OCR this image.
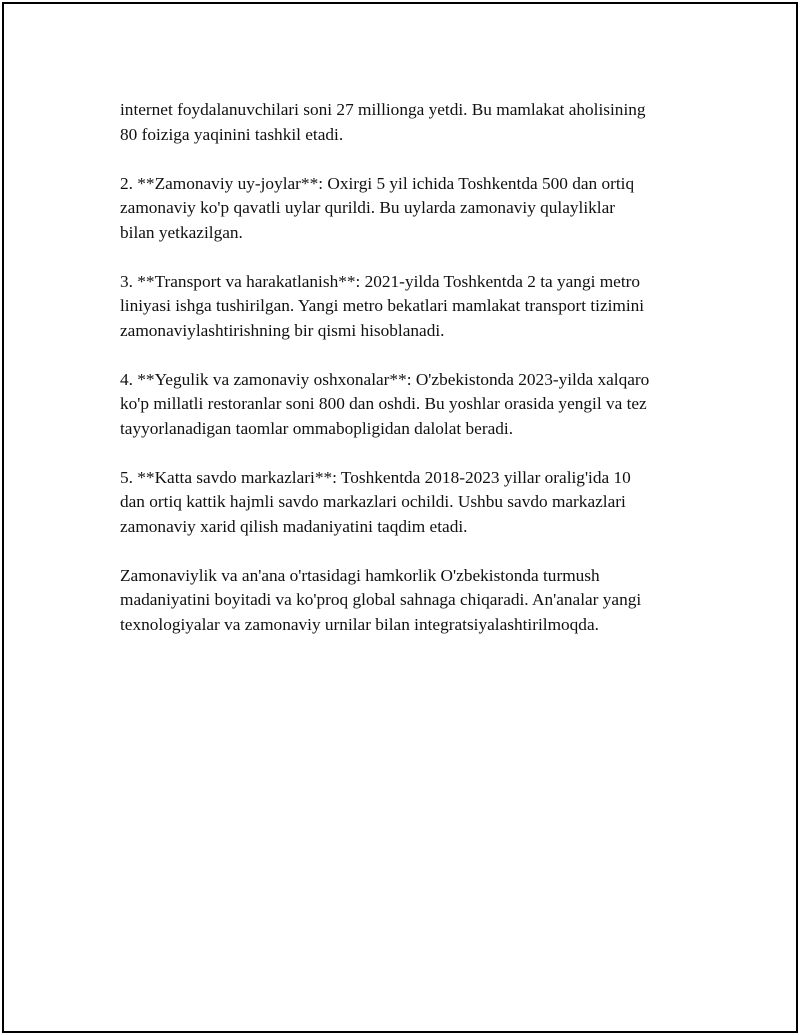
internet foydalanuvchilari soni 27 millionga yetdi. Bu mamlakat aholisining
80 foiziga yaqinini tashkil etadi.

2. **Zamonaviy uy-joylar**: Oxirgi 5 yil ichida Toshkentda 500 dan ortiq
zamonaviy ko'p qavatli uylar qurildi. Bu uylarda zamonaviy qulayliklar
bilan yetkazilgan.

3. **Transport va harakatlanish**: 2021-yilda Toshkentda 2 ta yangi metro
liniyasi ishga tushirilgan. Yangi metro bekatlari mamlakat transport tizimini
zamonaviylashtirishning bir qismi hisoblanadi.

4. **Yegulik va zamonaviy oshxonalar**: O'zbekistonda 2023-yilda xalqaro
ko'p millatli restoranlar soni 800 dan oshdi. Bu yoshlar orasida yengil va tez
tayyorlanadigan taomlar ommabopligidan dalolat beradi.

5. **Katta savdo markazlari**: Toshkentda 2018-2023 yillar oralig'ida 10
dan ortiq kattik hajmli savdo markazlari ochildi. Ushbu savdo markazlari
zamonaviy xarid qilish madaniyatini taqdim etadi.

Zamonaviylik va an'ana o'rtasidagi hamkorlik O'zbekistonda turmush
madaniyatini boyitadi va ko'proq global sahnaga chiqaradi. An'analar yangi
texnologiyalar va zamonaviy urnilar bilan integratsiyalashtirilmoqda.
